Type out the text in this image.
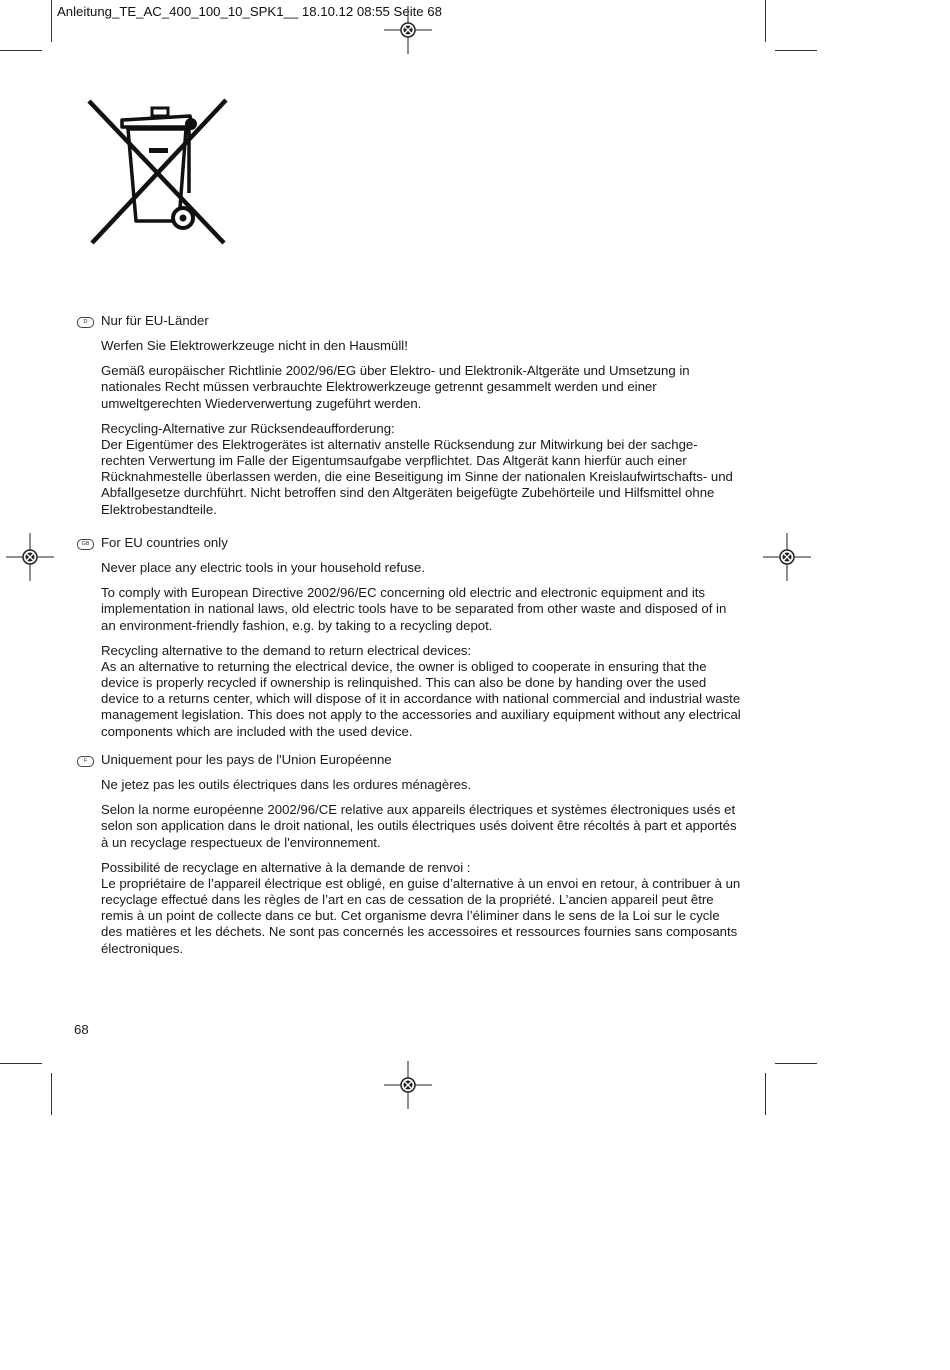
Anleitung_TE_AC_400_100_10_SPK1__ 18.10.12 08:55 Seite 68
D	Nur für EU-Länder

Werfen Sie Elektrowerkzeuge nicht in den Hausmüll!

Gemäß europäischer Richtlinie 2002/96/EG über Elektro- und Elektronik-Altgeräte und Umsetzung in nationales Recht müssen verbrauchte Elektrowerkzeuge getrennt gesammelt werden und einer umweltgerechten Wiederverwertung zugeführt werden.

Recycling-Alternative zur Rücksendeaufforderung:
Der Eigentümer des Elektrogerätes ist alternativ anstelle Rücksendung zur Mitwirkung bei der sachge-rechten Verwertung im Falle der Eigentumsaufgabe verpflichtet. Das Altgerät kann hierfür auch einer Rücknahmestelle überlassen werden, die eine Beseitigung im Sinne der nationalen Kreislaufwirtschafts- und Abfallgesetze durchführt. Nicht betroffen sind den Altgeräten beigefügte Zubehörteile und Hilfsmittel ohne Elektrobestandteile.

GB For EU countries only

Never place any electric tools in your household refuse.

To comply with European Directive 2002/96/EC concerning old electric and electronic equipment and its implementation in national laws, old electric tools have to be separated from other waste and disposed of in an environment-friendly fashion, e.g. by taking to a recycling depot.

Recycling alternative to the demand to return electrical devices:
As an alternative to returning the electrical device, the owner is obliged to cooperate in ensuring that the device is properly recycled if ownership is relinquished. This can also be done by handing over the used device to a returns center, which will dispose of it in accordance with national commercial and industrial waste management legislation. This does not apply to the accessories and auxiliary equipment without any electrical components which are included with the used device.

F	Uniquement pour les pays de l'Union Européenne

Ne jetez pas les outils électriques dans les ordures ménagères.

Selon la norme européenne 2002/96/CE relative aux appareils électriques et systèmes électroniques usés et selon son application dans le droit national, les outils électriques usés doivent être récoltés à part et apportés à un recyclage respectueux de l'environnement.

Possibilité de recyclage en alternative à la demande de renvoi :
Le propriétaire de l’appareil électrique est obligé, en guise d’alternative à un envoi en retour, à contribuer à un recyclage effectué dans les règles de l’art en cas de cessation de la propriété. L’ancien appareil peut être remis à un point de collecte dans ce but. Cet organisme devra l’éliminer dans le sens de la Loi sur le cycle des matières et les déchets. Ne sont pas concernés les accessoires et ressources fournies sans composants électroniques.

68
